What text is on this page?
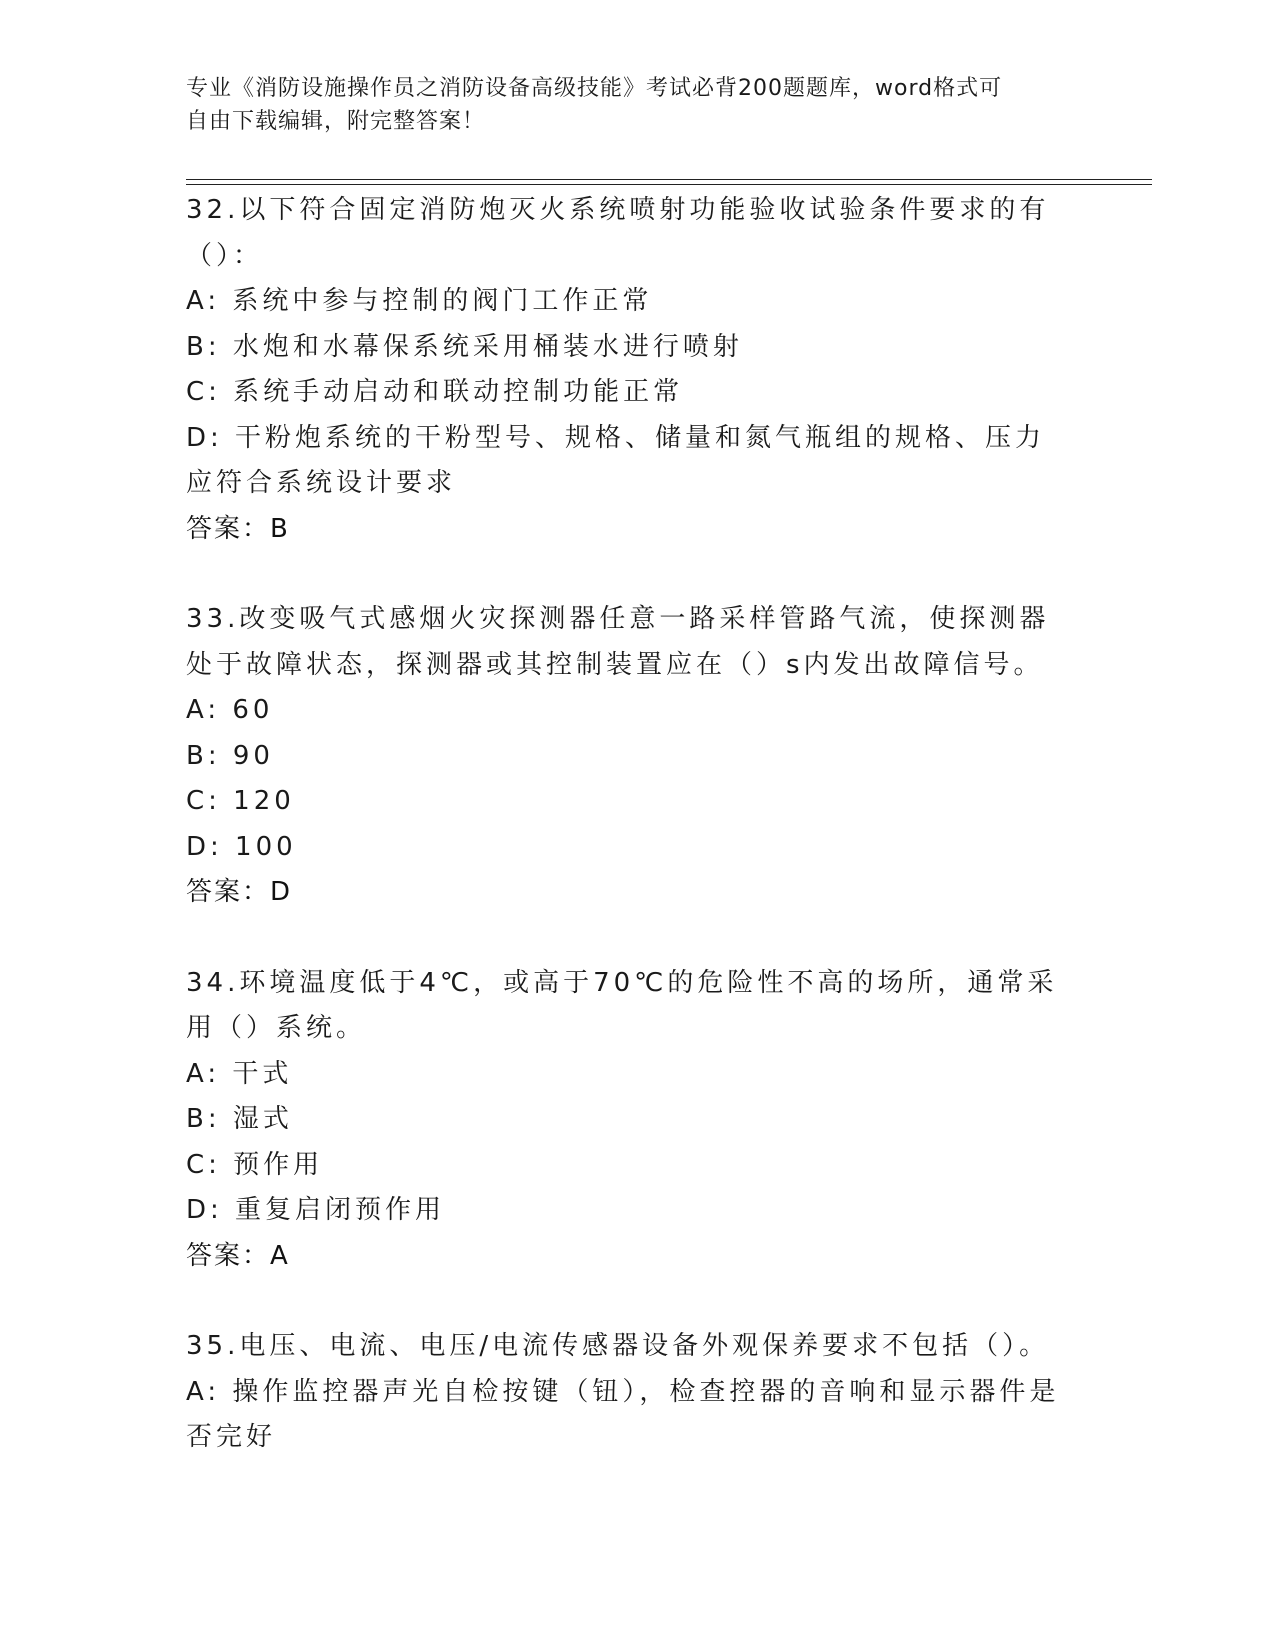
专业《消防设施操作员之消防设备高级技能》考试必背200题题库，word格式可
自由下载编辑，附完整答案！
32.以下符合固定消防炮灭火系统喷射功能验收试验条件要求的有（）：
A: 系统中参与控制的阀门工作正常
B: 水炮和水幕保系统采用桶装水进行喷射
C: 系统手动启动和联动控制功能正常
D: 干粉炮系统的干粉型号、规格、储量和氮气瓶组的规格、压力应符合系统设计要求
答案：B
33.改变吸气式感烟火灾探测器任意一路采样管路气流，使探测器处于故障状态，探测器或其控制装置应在（）s内发出故障信号。
A: 60
B: 90
C: 120
D: 100
答案：D
34.环境温度低于4℃，或高于70℃的危险性不高的场所，通常采用（）系统。
A: 干式
B: 湿式
C: 预作用
D: 重复启闭预作用
答案：A
35.电压、电流、电压/电流传感器设备外观保养要求不包括（）。
A: 操作监控器声光自检按键（钮），检查控器的音响和显示器件是否完好
